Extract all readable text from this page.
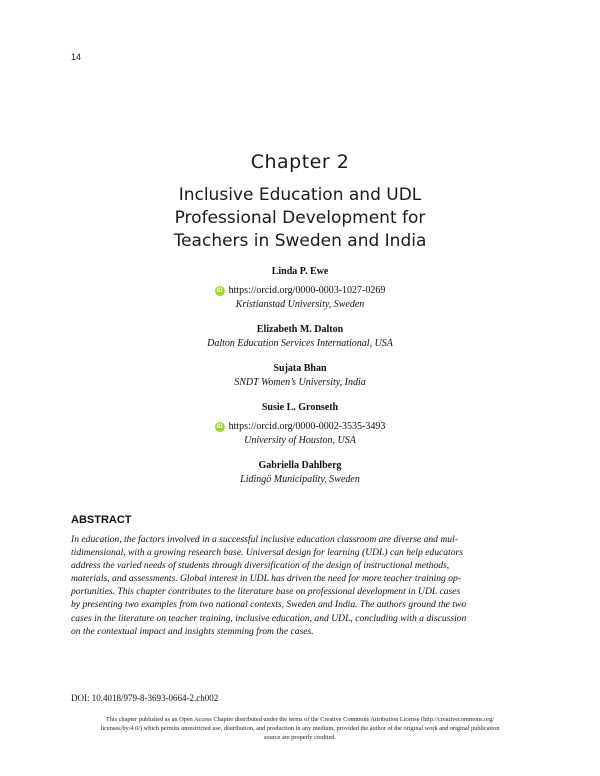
14
Chapter 2
Inclusive Education and UDL
Professional Development for
Teachers in Sweden and India
Linda P. Ewe
iD https://orcid.org/0000-0003-1027-0269
Kristianstad University, Sweden
Elizabeth M. Dalton
Dalton Education Services International, USA
Sujata Bhan
SNDT Women’s University, India
Susie L. Gronseth
iD https://orcid.org/0000-0002-3535-3493
University of Houston, USA
Gabriella Dahlberg
Lidingö Municipality, Sweden
ABSTRACT
In education, the factors involved in a successful inclusive education classroom are diverse and mul-
tidimensional, with a growing research base. Universal design for learning (UDL) can help educators
address the varied needs of students through diversification of the design of instructional methods,
materials, and assessments. Global interest in UDL has driven the need for more teacher training op-
portunities. This chapter contributes to the literature base on professional development in UDL cases
by presenting two examples from two national contexts, Sweden and India. The authors ground the two
cases in the literature on teacher training, inclusive education, and UDL, concluding with a discussion
on the contextual impact and insights stemming from the cases.
DOI: 10.4018/979-8-3693-0664-2.ch002
This chapter published as an Open Access Chapter distributed under the terms of the Creative Commons Attribution License (http://creativecommons.org/
licenses/by/4.0/) which permits unrestricted use, distribution, and production in any medium, provided the author of the original work and original publication
source are properly credited.
